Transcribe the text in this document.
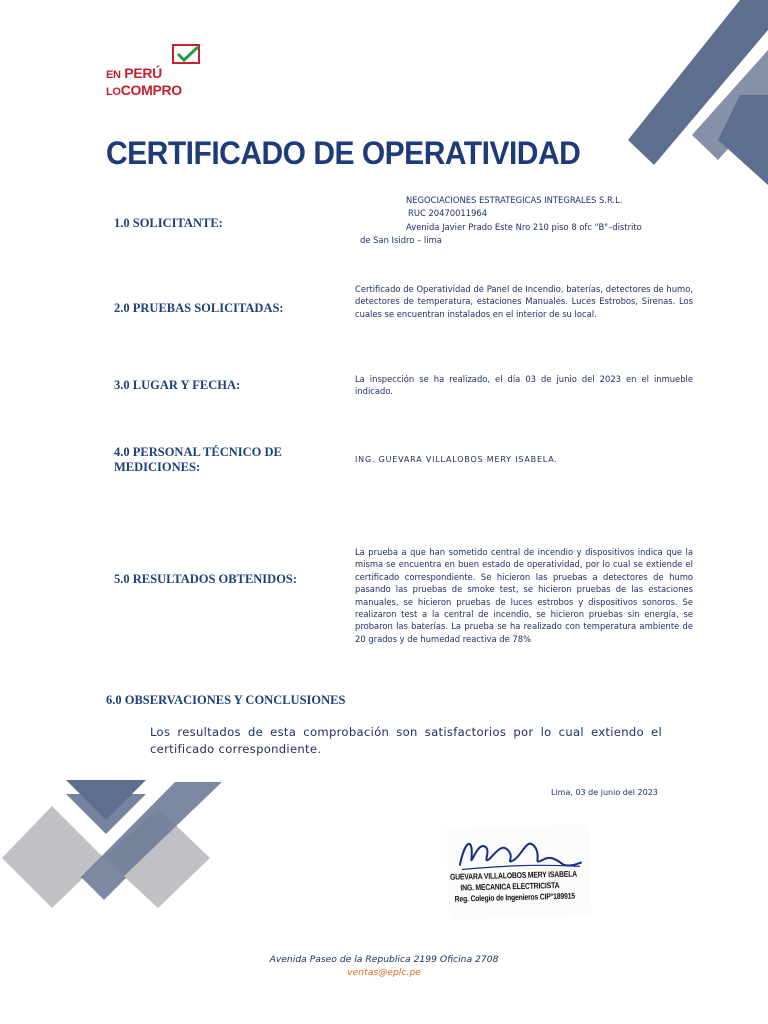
EN PERÚ
LOCOMPRO
CERTIFICADO DE OPERATIVIDAD
1.0 SOLICITANTE:
NEGOCIACIONES ESTRATEGICAS INTEGRALES S.R.L.
RUC 20470011964
Avenida Javier Prado Este Nro 210 piso 8 ofc "B"–distrito
de San Isidro – lima
2.0 PRUEBAS SOLICITADAS:
Certificado de Operatividad de Panel de Incendio, baterías, detectores de humo, detectores de temperatura, estaciones Manuales. Luces Estrobos, Sirenas. Los cuales se encuentran instalados en el interior de su local.
3.0 LUGAR Y FECHA:	La inspección se ha realizado, el día 03 de junio del 2023 en el inmueble indicado.
4.0 PERSONAL TÉCNICO DE
MEDICIONES:
ING. GUEVARA VILLALOBOS MERY ISABELA.
5.0 RESULTADOS OBTENIDOS:
La prueba a que han sometido central de incendio y dispositivos indica que la misma se encuentra en buen estado de operatividad, por lo cual se extiende el certificado correspondiente. Se hicieron las pruebas a detectores de humo pasando las pruebas de smoke test, se hicieron pruebas de las estaciones manuales, se hicieron pruebas de luces estrobos y dispositivos sonoros. Se realizaron test a la central de incendio, se hicieron pruebas sin energía, se probaron las baterías. La prueba se ha realizado con temperatura ambiente de 20 grados y de humedad reactiva de 78%
6.0 OBSERVACIONES Y CONCLUSIONES
Los resultados de esta comprobación son satisfactorios por lo cual extiendo el certificado correspondiente.
Lima, 03 de junio del 2023
GUEVARA VILLALOBOS MERY ISABELA
ING. MECANICA ELECTRICISTA
Reg. Colegio de Ingenieros CIP°189915
Avenida Paseo de la Republica 2199 Oficina 2708
ventas@eplc.pe
